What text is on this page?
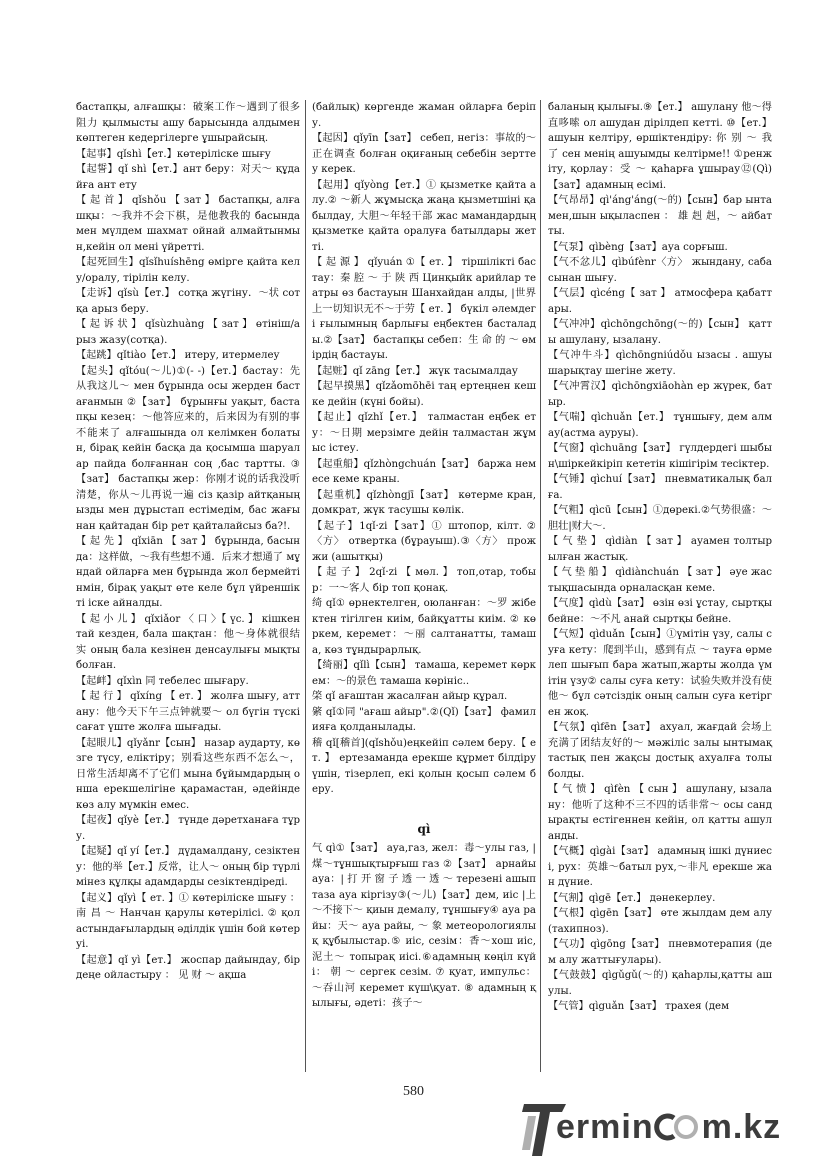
бастапқы, алғашқы：破案工作～遇到了很多阻力 қылмысты ашу барысында алдымен көптеген кедергілерге ұшырайсың.

【起事】qǐshì【ет.】көтеріліске шығу

【起誓】qǐ shì【ет.】ант беру：对天～ құдайға ант ету

【 起 首 】 qǐshǒu 【 зат 】 бастапқы, алғашқы：～我并不会下棋，是他教我的 басында мен мүлдем шахмат ойнай алмайтынмын,кейін ол мені үйретті.

【起死回生】qǐsǐhuíshēng өмірге қайта келу/оралу, тірілін келу.

【走诉】qǐsù【ет.】 сотқа жүгіну．～状 сотқа арыз беру.

【 起 诉 状 】 qǐsùzhuàng 【 зат 】 өтініш/арыз жазу(сотқа).

【起跳】qǐtiào【ет.】 итеру, итермелеу

【起头】qǐtóu(～儿)①(- -)【ет.】бастау：先从我这儿～ мен бұрында осы жерден бастағанмын ②【зат】 бұрынғы уақыт, бастапқы кезең：～他答应来的，后来因为有别的事不能来了 алғашында ол келімкен болатын, бірақ кейін басқа да қосымша шаруалар пайда болғаннан соң ,бас тартты. ③ 【зат】 бастапқы жер：你刚才说的话我没听清楚，你从～儿再说一遍 сіз қазір айтқаныңызды мен дұрыстап естімедім, бас жағынан қайтадан бір рет қайталайсыз ба?!.

【 起 先 】 qǐxiān 【 зат 】 бұрында, басында：这样做，～我有些想不通．后来才想通了 мұндай ойларға мен бұрында жол бермейтінмін, бірақ уақыт өте келе бұл үйреншікті іске айналды.

【 起 小 儿 】 qǐxiǎor 〈 口 〉【 үс. 】 кішкентай кезден, бала шақтан：他～身体就很结实 оның бала кезінен денсаулығы мықты болған.

【起衅】qǐxìn 同 тебелес шығару.

【 起 行 】 qǐxíng 【 ет. 】 жолға шығу, аттану：他今天下午三点钟就要～ ол бүгін түскі сағат үште жолға шығады.

【起眼儿】qǐyǎnr【сын】 назар аударту, көзге түсу, елiктiру；别看这些东西不怎么～，日常生活却离不了它们 мына бұйымдардың онша ерекшелігіне қарамастан, әдейінде көз алу мүмкін емес.

【起夜】qǐyè【ет.】 түнде дәретханаға тұру.

【起疑】qǐ yí【ет.】 дүдамалдану, сезіктену：他的举【ет.】反常，让人～ оның бір түрлі мінез құлқы адамдарды сезіктендіреді.

【起义】qǐyì【 ет. 】① көтеріліске шығу ： 南 昌 ～ Нанчан қарулы көтерілісі. ② қол астындағылардың әділдік үшін бой көтеруі.

【起意】qǐ yì【ет.】 жоспар дайындау, бірдеңе ойластыру ： 见 财 ～ ақша

(байлық) көргенде жаман ойларға беріпу.

【起因】qǐyīn【зат】 себеп, негіз：事故的～正在调查 болған оқиғаның себебін зерттеу керек.

【起用】qǐyòng【ет.】① қызметке қайта алу.② ～新人 жұмысқа жаңа қызметшіні қабылдау, 大胆～年轻干部 жас мамандардың қызметке қайта оралуға батылдары жетті.

【 起 源 】 qǐyuán ①【 ет. 】 тіршіліктi бастау：秦 腔 ～ 于 陕 西 Цинқыйк арийлар театры өз бастауын Шанхайдан алды, |世界上一切知识无不～于劳【 ет. 】 бүкіл әлемдегі ғылымның барлығы еңбектен басталады.②【зат】 бастапқы себеп：生 命 的 ～ өмірдің бастауы.

【起赃】qǐ zāng【ет.】 жүк тасымалдау

【起早摸黑】qǐzǎomōhēi таң ертеңнен кешке дейін (күні бойы).

【起止】qǐzhǐ【ет.】 талмастан еңбек ету：～日期 мерзімге дейін талмастан жұмыс істеу.

【起重船】qǐzhòngchuán【зат】 баржа немесе кеме краны.

【起重机】qǐzhòngjī【зат】 көтерме кран, домкрат, жүк тасушы көлік.

【起子】1qǐ·zi【зат】① штопор, кілт. ②〈方〉 отвертка (бұрауыш).③〈方〉 прожжи (ашытқы)

【 起 子 】 2qǐ·zi 【 мөл. 】 топ,отар, тобыр：一～客人 бір топ қонақ.

绮 qǐ① өрнектелген, оюланған：～罗 жібектен тігілген киім, байқұатты киім. ② көркем, керемет：～丽 салтанатты, тамаша, көз тұндырарлық.

【绮丽】qǐlì【сын】 тамаша, керемет көркем：～的景色 тамаша көрініс..

棨 qǐ ағаштан жасалған айыр құрал.

綮 qǐ①同 "ағаш айыр".②(Qǐ)【зат】 фамилияға қолданылады.

稽 qǐ[稽首](qǐshǒu)еңкейіп сәлем беру.【 ет. 】 ертезаманда ерекше құрмет білдіру үшін, тізерлеп, екі қолын қосып сәлем беру.

qì

气 qì①【зат】 ауа,газ, жел：毒～улы газ, |煤～тұншықтырғыш газ ②【зат】 арнайы ауа：| 打 开 窗 子 透 一 透 ～ терезені ашып таза ауа кіргізу③(～儿)【зат】дем, иіс |上～不接下～ қиын демалу, тұншығу④ ауа райы：天～ ауа райы, ～ 象 метеорологиялық құбылыстар.⑤ иіс, сезім：香～хош иіс, 泥土～ топырақ иісі.⑥адамның көңіл күйі： 朝 ～ сергек сезім. ⑦ қуат, импульс：～吞山河 керемет күш\қуат. ⑧ адамның қылығы, әдеті：孩子～

баланың қылығы.⑨【ет.】 ашулану 他～得直哆嗦 ол ашудан дірілдеп кетті. ⑩【ет.】 ашуын келтіру, өршіктендіру: 你 别 ～ 我 了 сен менің ашуымды келтірме!! ①ренжіту, қорлау：受 ～ қаһарға ұшырау⑫(Qì)【зат】адамның есімі.

【气昂昂】qì'áng'áng(～的)【сын】бар ынтамен,шын ықыласпен ： 雄 赳 赳，～ айбатты.

【气泵】qìbèng【зат】ауа сорғыш.

【气不忿儿】qìbúfènr〈方〉 жындану, сабасынан шығу.

【气层】qìcéng【 зат 】 атмосфера қабаттары.

【气冲冲】qìchōngchōng(～的)【сын】 қатты ашулану, ызалану.

【气冲牛斗】qìchōngniúdǒu ызасы . ашуы шарықтау шегіне жету.

【气冲霄汉】qìchōngxiāohàn ер жүрек, батыр.

【气喘】qìchuǎn【ет.】 тұншығу, дем алмау(астма ауруы).

【气窗】qìchuāng【зат】 гүлдердегі шыбын\шіркейкіріп кететін кішігірім тесіктер.

【气锤】qìchuí【зат】 пневматикалық балға.

【气粗】qìcū【сын】①дөрекі.②气势很盛：～胆壮|财大～.

【 气 垫 】 qìdiàn 【 зат 】 ауамен толтырылған жастық.

【 气 垫 船 】 qìdiànchuán 【 зат 】 әуе жастықшасында орналасқан кеме.

【气度】qìdù【зат】 өзін өзі ұстау, сыртқы бейне：～不凡 анай сыртқы бейне.

【气短】qìduǎn【сын】①үмітін үзу, салы суға кету：爬到半山，感到有点 ～ тауға өрмелеп шығып бара жатып,жарты жолда үмітін үзу② салы суға кету：试验失败并没有使他～ бұл сәтсіздік оның салын суға кетірген жоқ.

【气氛】qìfēn【зат】 ахуал, жағдай 会场上充满了团结友好的～ мәжіліс залы ынтымақтастық пен жақсы достық ахуалға толы болды.

【 气 愤 】 qìfèn 【 сын 】 ашулану, ызалану：他听了这种不三不四的话非常～ осы сандырақты естігеннен кейін, ол қатты ашуланды.

【气概】qìgài【зат】 адамның ішкі дүниесі, рух：英雄～батыл рух,～非凡 ерекше жан дүние.

【气割】qìgē【ет.】 дәнекерлеу.

【气根】qìgēn【зат】 өте жылдам дем алу(тахипноз).

【气功】qìgōng【зат】 пневмотерапия (дем алу жаттығулары).

【气鼓鼓】qìgǔgǔ(～的) қаһарлы,қатты ашулы.

【气管】qìguǎn【зат】 трахея (дем

580
ermin m.kz
